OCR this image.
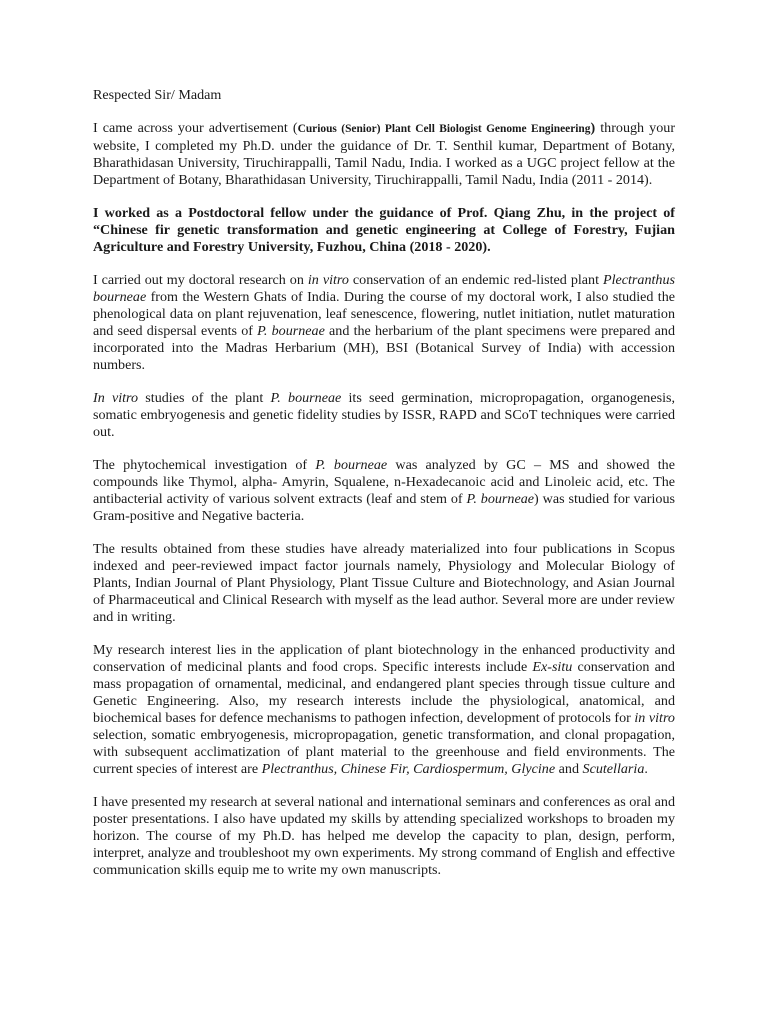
Respected Sir/ Madam

I came across your advertisement (Curious (Senior) Plant Cell Biologist Genome Engineering) through your website, I completed my Ph.D. under the guidance of Dr. T. Senthil kumar, Department of Botany, Bharathidasan University, Tiruchirappalli, Tamil Nadu, India. I worked as a UGC project fellow at the Department of Botany, Bharathidasan University, Tiruchirappalli, Tamil Nadu, India (2011 - 2014).

I worked as a Postdoctoral fellow under the guidance of Prof. Qiang Zhu, in the project of “Chinese fir genetic transformation and genetic engineering at College of Forestry, Fujian Agriculture and Forestry University, Fuzhou, China (2018 - 2020).

I carried out my doctoral research on in vitro conservation of an endemic red-listed plant Plectranthus bourneae from the Western Ghats of India. During the course of my doctoral work, I also studied the phenological data on plant rejuvenation, leaf senescence, flowering, nutlet initiation, nutlet maturation and seed dispersal events of P. bourneae and the herbarium of the plant specimens were prepared and incorporated into the Madras Herbarium (MH), BSI (Botanical Survey of India) with accession numbers.

In vitro studies of the plant P. bourneae its seed germination, micropropagation, organogenesis, somatic embryogenesis and genetic fidelity studies by ISSR, RAPD and SCoT techniques were carried out.

The phytochemical investigation of P. bourneae was analyzed by GC – MS and showed the compounds like Thymol, alpha- Amyrin, Squalene, n-Hexadecanoic acid and Linoleic acid, etc. The antibacterial activity of various solvent extracts (leaf and stem of P. bourneae) was studied for various Gram-positive and Negative bacteria.

The results obtained from these studies have already materialized into four publications in Scopus indexed and peer-reviewed impact factor journals namely, Physiology and Molecular Biology of Plants, Indian Journal of Plant Physiology, Plant Tissue Culture and Biotechnology, and Asian Journal of Pharmaceutical and Clinical Research with myself as the lead author. Several more are under review and in writing.

My research interest lies in the application of plant biotechnology in the enhanced productivity and conservation of medicinal plants and food crops. Specific interests include Ex-situ conservation and mass propagation of ornamental, medicinal, and endangered plant species through tissue culture and Genetic Engineering. Also, my research interests include the physiological, anatomical, and biochemical bases for defence mechanisms to pathogen infection, development of protocols for in vitro selection, somatic embryogenesis, micropropagation, genetic transformation, and clonal propagation, with subsequent acclimatization of plant material to the greenhouse and field environments. The current species of interest are Plectranthus, Chinese Fir, Cardiospermum, Glycine and Scutellaria.

I have presented my research at several national and international seminars and conferences as oral and poster presentations. I also have updated my skills by attending specialized workshops to broaden my horizon. The course of my Ph.D. has helped me develop the capacity to plan, design, perform, interpret, analyze and troubleshoot my own experiments. My strong command of English and effective communication skills equip me to write my own manuscripts.
